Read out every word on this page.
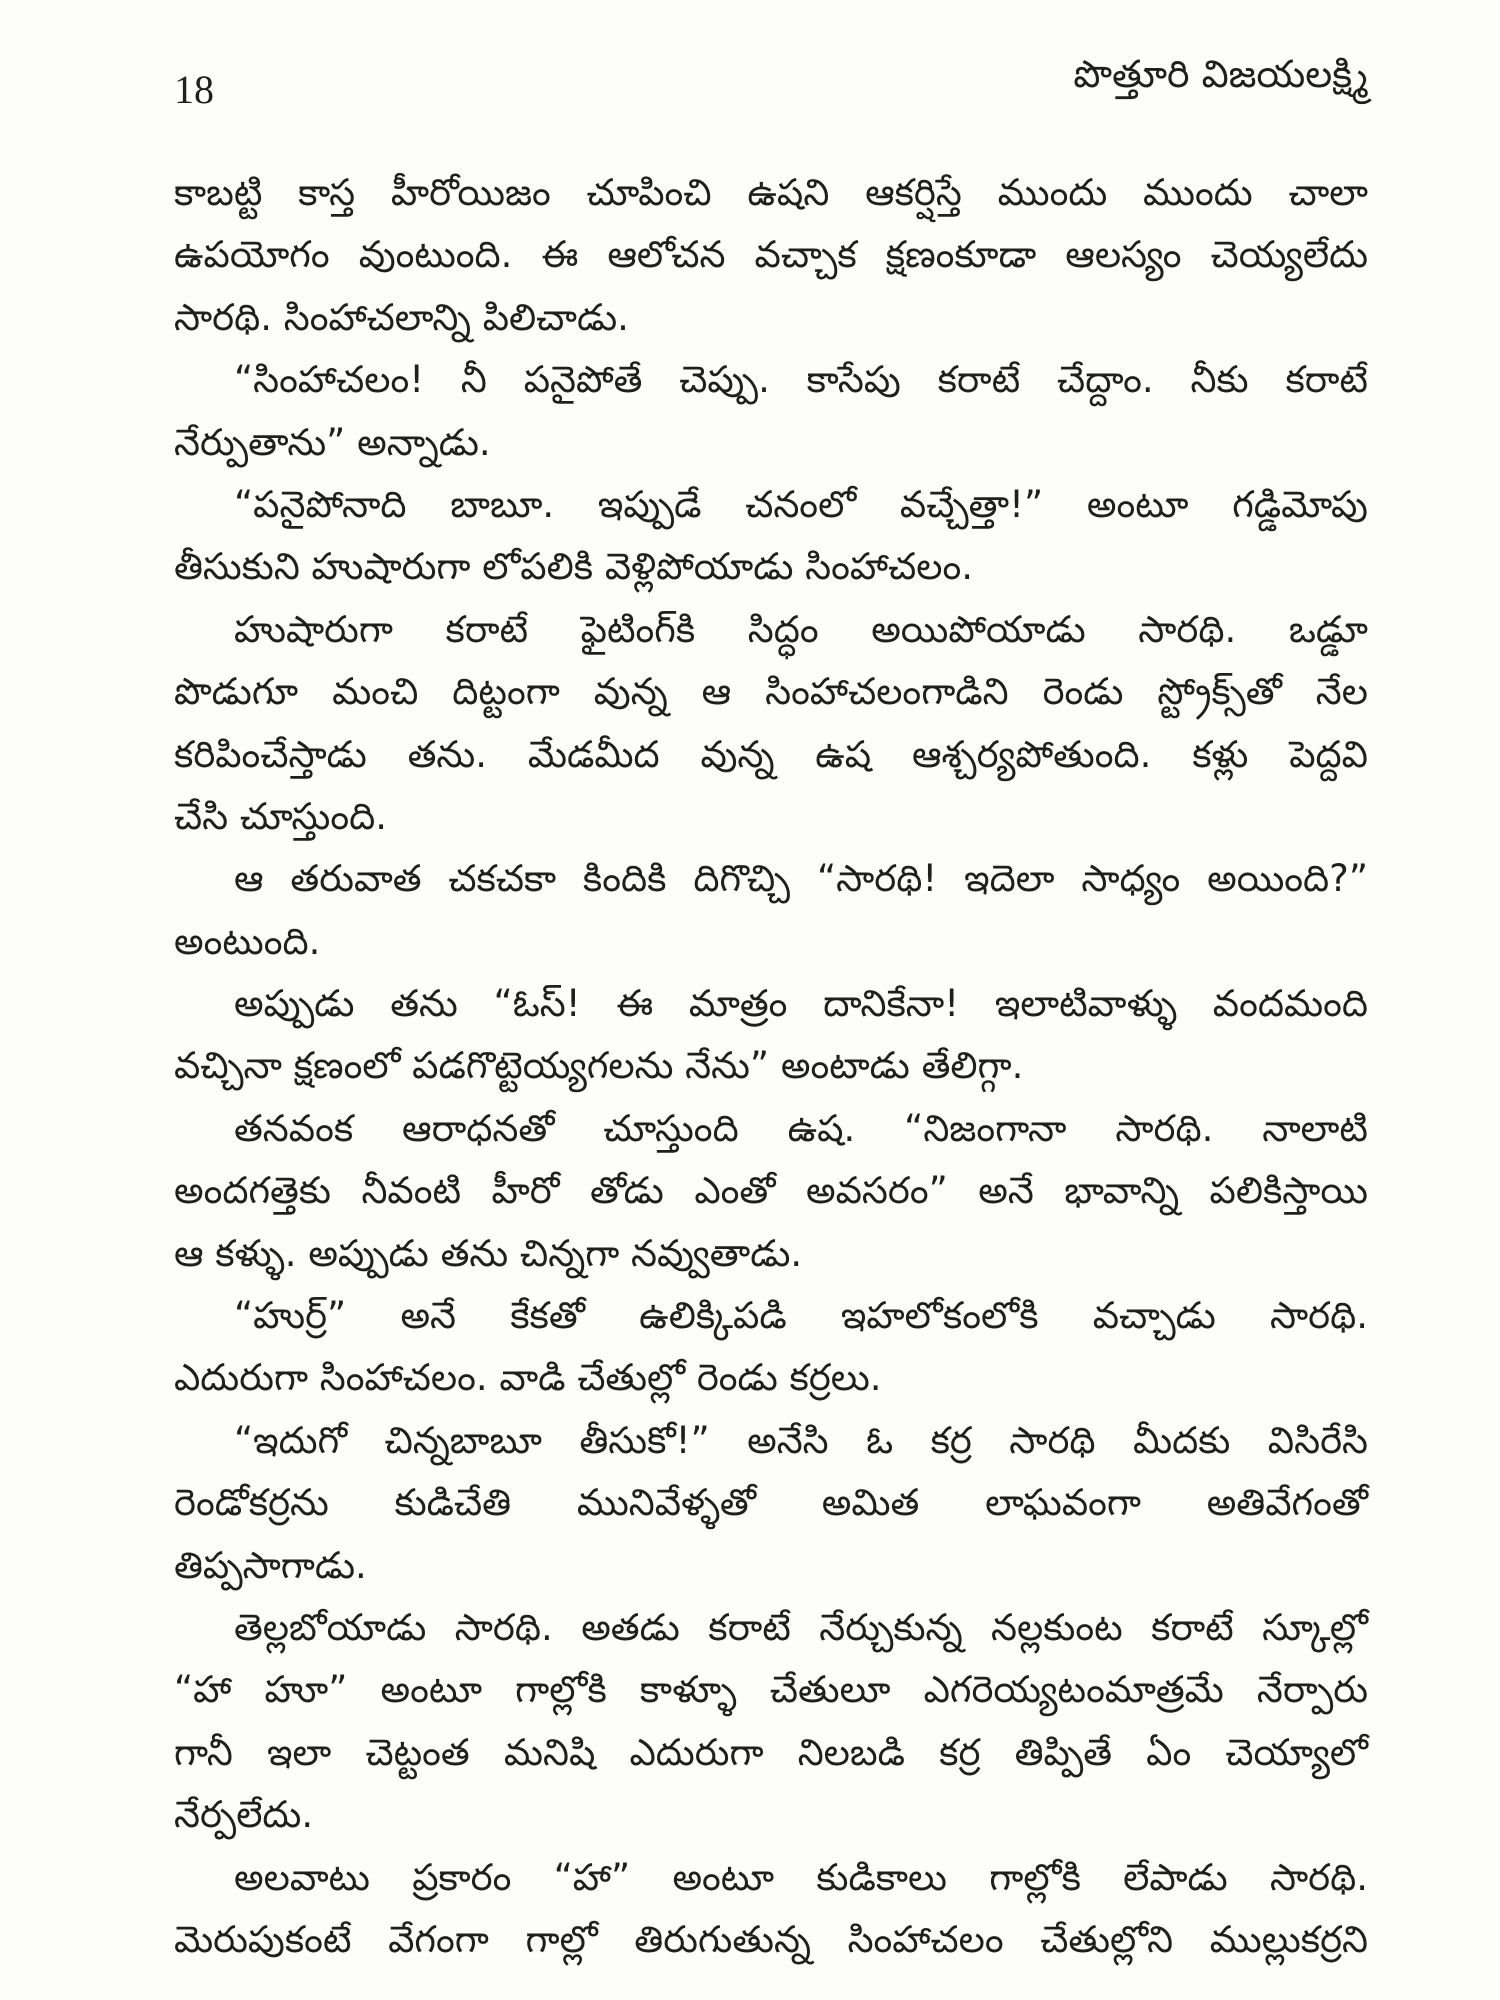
18	పొత్తూరి విజయలక్ష్మి
కాబట్టి కాస్త హీరోయిజం చూపించి ఉషని ఆకర్షిస్తే ముందు ముందు చాలా
ఉపయోగం వుంటుంది. ఈ ఆలోచన వచ్చాక క్షణంకూడా ఆలస్యం చెయ్యలేదు
సారథి. సింహాచలాన్ని పిలిచాడు.
“సింహాచలం! నీ పనైపోతే చెప్పు. కాసేపు కరాటే చేద్దాం. నీకు కరాటే
నేర్పుతాను” అన్నాడు.
“పనైపోనాది బాబూ. ఇప్పుడే చనంలో వచ్చేత్తా!” అంటూ గడ్డిమోపు
తీసుకుని హుషారుగా లోపలికి వెళ్లిపోయాడు సింహాచలం.
హుషారుగా కరాటే ఫైటింగ్‌కి సిద్ధం అయిపోయాడు సారథి. ఒడ్డూ
పొడుగూ మంచి దిట్టంగా వున్న ఆ సింహాచలంగాడిని రెండు స్ట్రోక్స్‌తో నేల
కరిపించేస్తాడు తను. మేడమీద వున్న ఉష ఆశ్చర్యపోతుంది. కళ్లు పెద్దవి
చేసి చూస్తుంది.
ఆ తరువాత చకచకా కిందికి దిగొచ్చి “సారథి! ఇదెలా సాధ్యం అయింది?”
అంటుంది.
అప్పుడు తను “ఓస్! ఈ మాత్రం దానికేనా! ఇలాటివాళ్ళు వందమంది
వచ్చినా క్షణంలో పడగొట్టెయ్యగలను నేను” అంటాడు తేలిగ్గా.
తనవంక ఆరాధనతో చూస్తుంది ఉష. “నిజంగానా సారథి. నాలాటి
అందగత్తెకు నీవంటి హీరో తోడు ఎంతో అవసరం” అనే భావాన్ని పలికిస్తాయి
ఆ కళ్ళు. అప్పుడు తను చిన్నగా నవ్వుతాడు.
“హుర్ర్” అనే కేకతో ఉలిక్కిపడి ఇహలోకంలోకి వచ్చాడు సారథి.
ఎదురుగా సింహాచలం. వాడి చేతుల్లో రెండు కర్రలు.
“ఇదుగో చిన్నబాబూ తీసుకో!” అనేసి ఓ కర్ర సారథి మీదకు విసిరేసి
రెండోకర్రను కుడిచేతి మునివేళ్ళతో అమిత లాఘవంగా అతివేగంతో
తిప్పసాగాడు.
తెల్లబోయాడు సారథి. అతడు కరాటే నేర్చుకున్న నల్లకుంట కరాటే స్కూల్లో
“హా హూ” అంటూ గాల్లోకి కాళ్ళూ చేతులూ ఎగరెయ్యటంమాత్రమే నేర్పారు
గానీ ఇలా చెట్టంత మనిషి ఎదురుగా నిలబడి కర్ర తిప్పితే ఏం చెయ్యాలో
నేర్పలేదు.
అలవాటు ప్రకారం “హా” అంటూ కుడికాలు గాల్లోకి లేపాడు సారథి.
మెరుపుకంటే వేగంగా గాల్లో తిరుగుతున్న సింహాచలం చేతుల్లోని ముల్లుకర్రని
